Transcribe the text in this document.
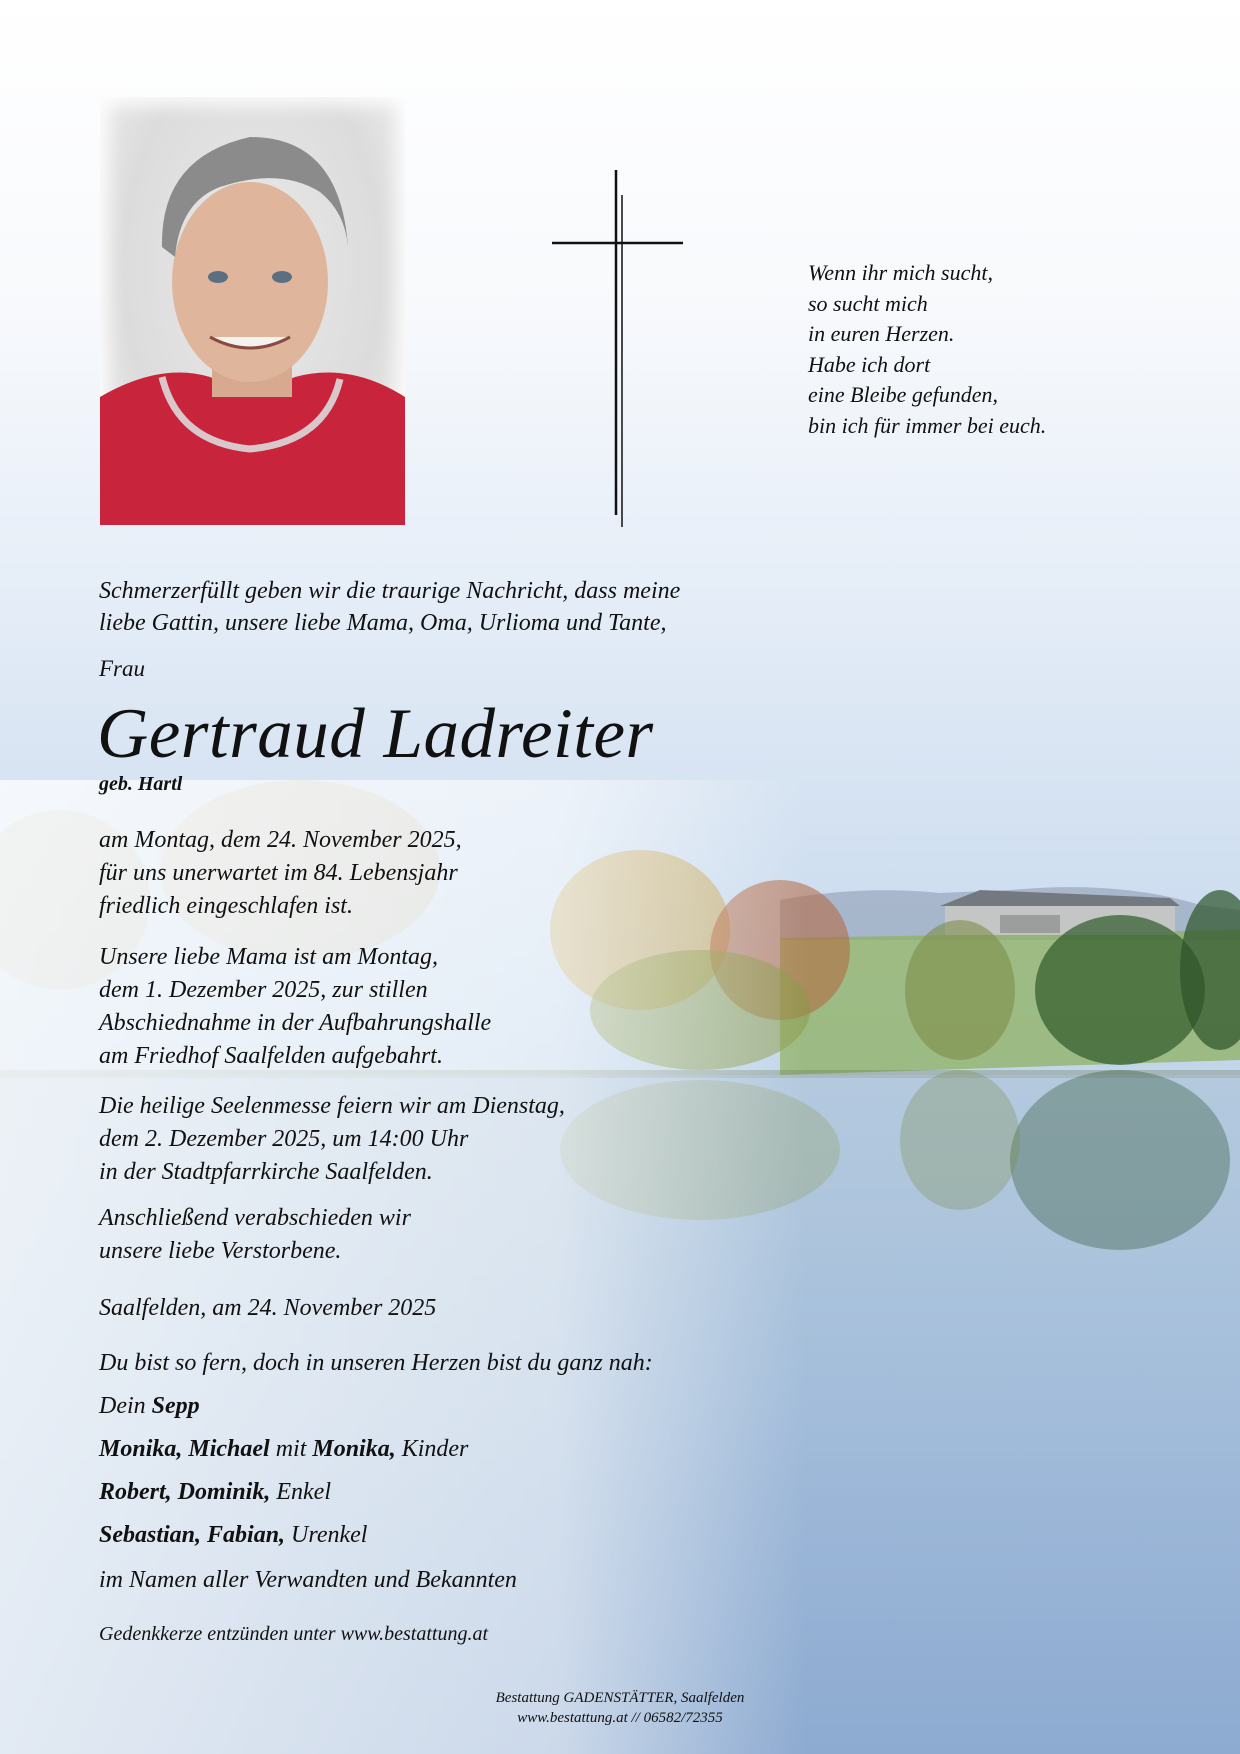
Wenn ihr mich sucht,
so sucht mich
in euren Herzen.
Habe ich dort
eine Bleibe gefunden,
bin ich für immer bei euch.
Schmerzerfüllt geben wir die traurige Nachricht, dass meine
liebe Gattin, unsere liebe Mama, Oma, Urlioma und Tante,
Frau
Gertraud Ladreiter
geb. Hartl
am Montag, dem 24. November 2025,
für uns unerwartet im 84. Lebensjahr
friedlich eingeschlafen ist.
Unsere liebe Mama ist am Montag,
dem 1. Dezember 2025, zur stillen
Abschiednahme in der Aufbahrungshalle
am Friedhof Saalfelden aufgebahrt.
Die heilige Seelenmesse feiern wir am Dienstag,
dem 2. Dezember 2025, um 14:00 Uhr
in der Stadtpfarrkirche Saalfelden.
Anschließend verabschieden wir
unsere liebe Verstorbene.
Saalfelden, am 24. November 2025
Du bist so fern, doch in unseren Herzen bist du ganz nah:
Dein Sepp
Monika, Michael mit Monika, Kinder
Robert, Dominik, Enkel
Sebastian, Fabian, Urenkel
im Namen aller Verwandten und Bekannten
Gedenkkerze entzünden unter www.bestattung.at
Bestattung GADENSTÄTTER, Saalfelden
www.bestattung.at // 06582/72355
